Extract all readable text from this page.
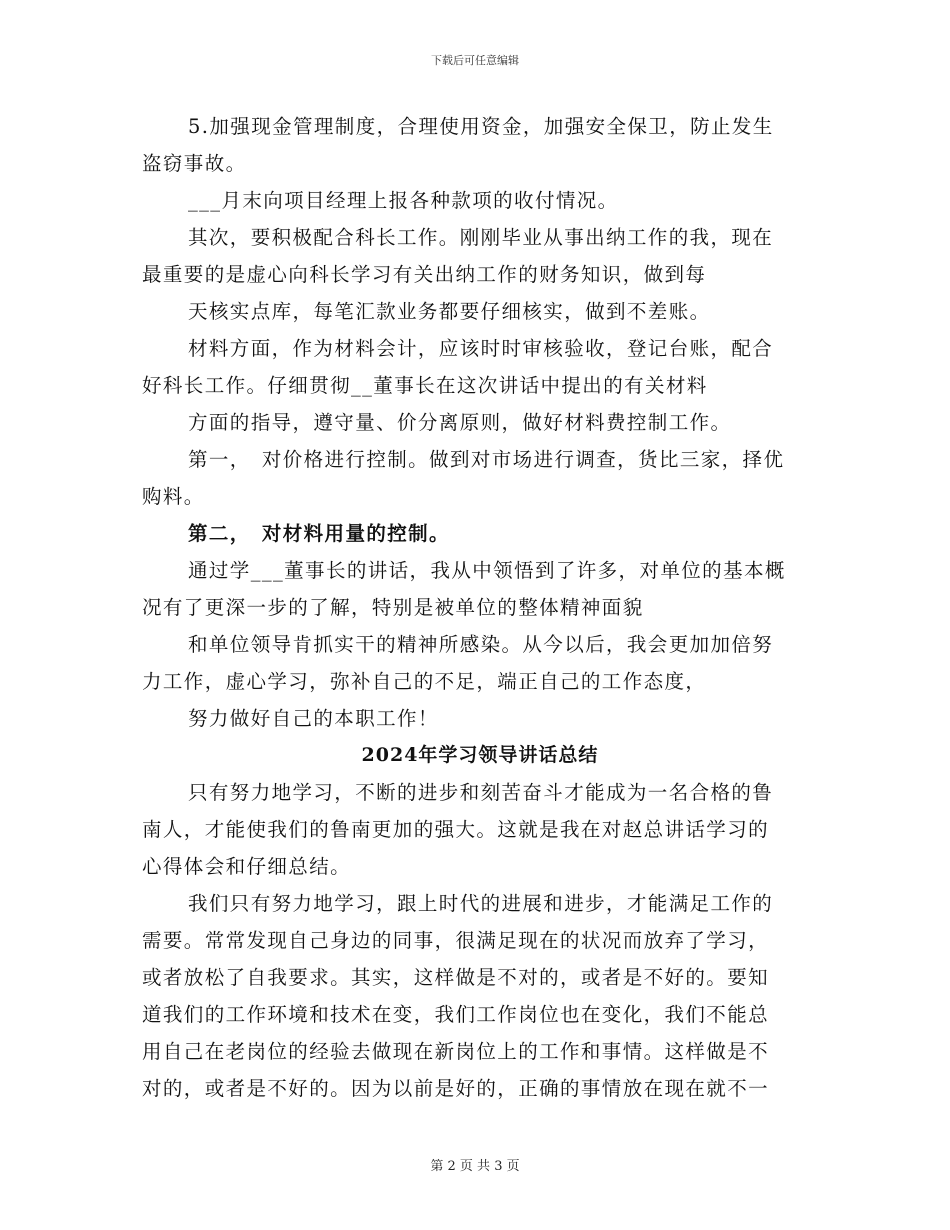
下载后可任意编辑
5.加强现金管理制度，合理使用资金，加强安全保卫，防止发生
盗窃事故。
___月末向项目经理上报各种款项的收付情况。
其次，要积极配合科长工作。刚刚毕业从事出纳工作的我，现在
最重要的是虚心向科长学习有关出纳工作的财务知识，做到每
天核实点库，每笔汇款业务都要仔细核实，做到不差账。
材料方面，作为材料会计，应该时时审核验收，登记台账，配合
好科长工作。仔细贯彻__董事长在这次讲话中提出的有关材料
方面的指导，遵守量、价分离原则，做好材料费控制工作。
第一，　对价格进行控制。做到对市场进行调查，货比三家，择优
购料。
第二，　对材料用量的控制。
通过学___董事长的讲话，我从中领悟到了许多，对单位的基本概
况有了更深一步的了解，特别是被单位的整体精神面貌
和单位领导肯抓实干的精神所感染。从今以后，我会更加加倍努
力工作，虚心学习，弥补自己的不足，端正自己的工作态度，
努力做好自己的本职工作！
2024年学习领导讲话总结
只有努力地学习，不断的进步和刻苦奋斗才能成为一名合格的鲁
南人，才能使我们的鲁南更加的强大。这就是我在对赵总讲话学习的
心得体会和仔细总结。
我们只有努力地学习，跟上时代的进展和进步，才能满足工作的
需要。常常发现自己身边的同事，很满足现在的状况而放弃了学习，
或者放松了自我要求。其实，这样做是不对的，或者是不好的。要知
道我们的工作环境和技术在变，我们工作岗位也在变化，我们不能总
用自己在老岗位的经验去做现在新岗位上的工作和事情。这样做是不
对的，或者是不好的。因为以前是好的，正确的事情放在现在就不一
第 2 页 共 3 页
